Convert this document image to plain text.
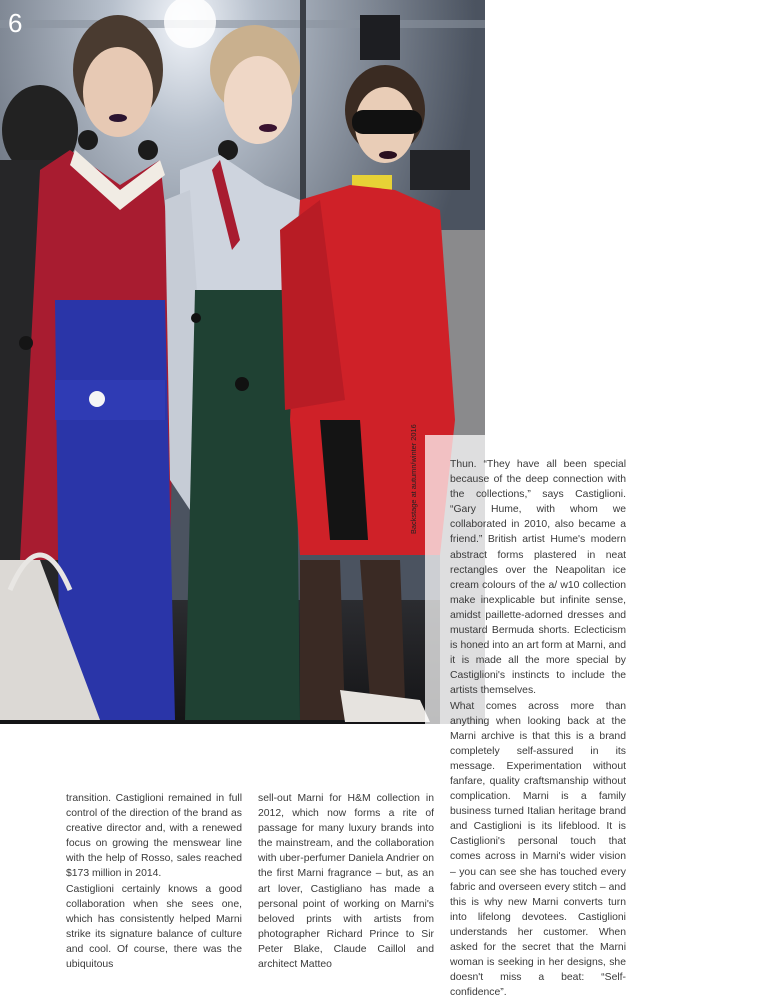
6
Backstage at autumn/winter 2016

transition. Castiglioni remained in full control of the direction of the brand as creative director and, with a renewed focus on growing the menswear line with the help of Rosso, sales reached $173 million in 2014.

Castiglioni certainly knows a good collaboration when she sees one, which has consistently helped Marni strike its signature balance of culture and cool. Of course, there was the ubiquitous

sell-out Marni for H&M collection in 2012, which now forms a rite of passage for many luxury brands into the mainstream, and the collaboration with uber-perfumer Daniela Andrier on the first Marni fragrance – but, as an art lover, Castigliano has made a personal point of working on Marni's beloved prints with artists from photographer Richard Prince to Sir Peter Blake, Claude Caillol and architect Matteo

Thun. “They have all been special because of the deep connection with the collections,” says Castiglioni. “Gary Hume, with whom we collaborated in 2010, also became a friend.” British artist Hume's modern abstract forms plastered in neat rectangles over the Neapolitan ice cream colours of the a/ w10 collection make inexplicable but infinite sense, amidst paillette-adorned dresses and mustard Bermuda shorts. Eclecticism is honed into an art form at Marni, and it is made all the more special by Castiglioni's instincts to include the artists themselves.

What comes across more than anything when looking back at the Marni archive is that this is a brand completely self-assured in its message. Experimentation without fanfare, quality craftsmanship without complication. Marni is a family business turned Italian heritage brand and Castiglioni is its lifeblood. It is Castiglioni's personal touch that comes across in Marni's wider vision – you can see she has touched every fabric and overseen every stitch – and this is why new Marni converts turn into lifelong devotees. Castiglioni understands her customer. When asked for the secret that the Marni woman is seeking in her designs, she doesn't miss a beat: “Self-confidence”.
